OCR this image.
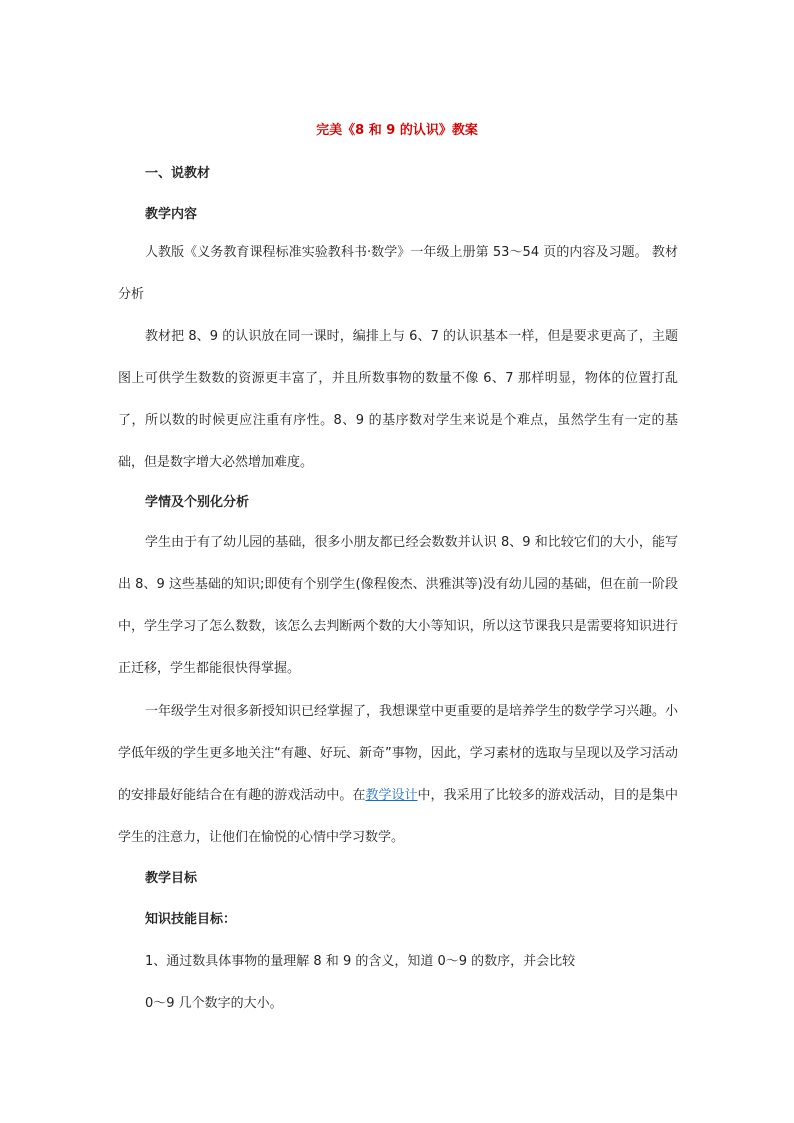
完美《8 和 9 的认识》教案
一、说教材
教学内容
人教版《义务教育课程标准实验教科书·数学》一年级上册第 53～54 页的内容及习题。 教材分析
教材把 8、9 的认识放在同一课时，编排上与 6、7 的认识基本一样，但是要求更高了，主题图上可供学生数数的资源更丰富了，并且所数事物的数量不像 6、7 那样明显，物体的位置打乱了，所以数的时候更应注重有序性。8、9 的基序数对学生来说是个难点，虽然学生有一定的基础，但是数字增大必然增加难度。
学情及个别化分析
学生由于有了幼儿园的基础，很多小朋友都已经会数数并认识 8、9 和比较它们的大小，能写出 8、9 这些基础的知识;即使有个别学生(像程俊杰、洪雅淇等)没有幼儿园的基础，但在前一阶段中，学生学习了怎么数数，该怎么去判断两个数的大小等知识，所以这节课我只是需要将知识进行正迁移，学生都能很快得掌握。
一年级学生对很多新授知识已经掌握了，我想课堂中更重要的是培养学生的数学学习兴趣。小学低年级的学生更多地关注“有趣、好玩、新奇”事物，因此，学习素材的选取与呈现以及学习活动的安排最好能结合在有趣的游戏活动中。在教学设计中，我采用了比较多的游戏活动，目的是集中学生的注意力，让他们在愉悦的心情中学习数学。
教学目标
知识技能目标：
1、通过数具体事物的量理解 8 和 9 的含义，知道 0～9 的数序，并会比较
0～9 几个数字的大小。
